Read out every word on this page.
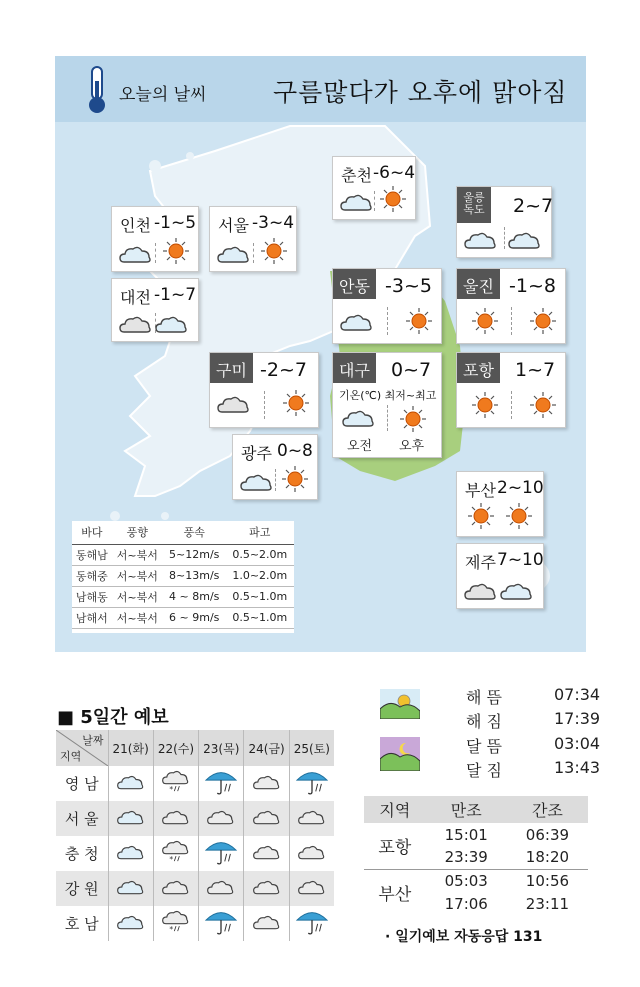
오늘의 날씨	구름많다가 오후에 맑아짐
춘천 -6~4
울릉
독도	2~7
인천 -1~5 서울 -3~4
대전 -1~7	안동 -3~5	울진 -1~8
구미 -2~7	대구	0~7
기온(℃) 최저~최고
오전 오후
포항	1~7
광주 0~8
부산 2~10
제주 7~10
바다	풍향	풍속	파고
동해남	서~북서	5~12m/s	0.5~2.0m
동해중	서~북서	8~13m/s	1.0~2.0m
남해동	서~북서	4 ~ 8m/s	0.5~1.0m
남해서	서~북서	6 ~ 9m/s	0.5~1.0m
■ 5일간 예보
날짜
지역	21(화)	22(수)	23(목)	24(금)	25(토)
영 남		*

서 울					
충 청		*

강 원					
호 남		*

해 뜸	07:34
해 짐	17:39
달 뜸	03:04
달 짐	13:43
지역	만조	간조
포항	15:01	06:39
	23:39	18:20
부산	05:03	10:56
	17:06	23:11
· 일기예보 자동응답 131
